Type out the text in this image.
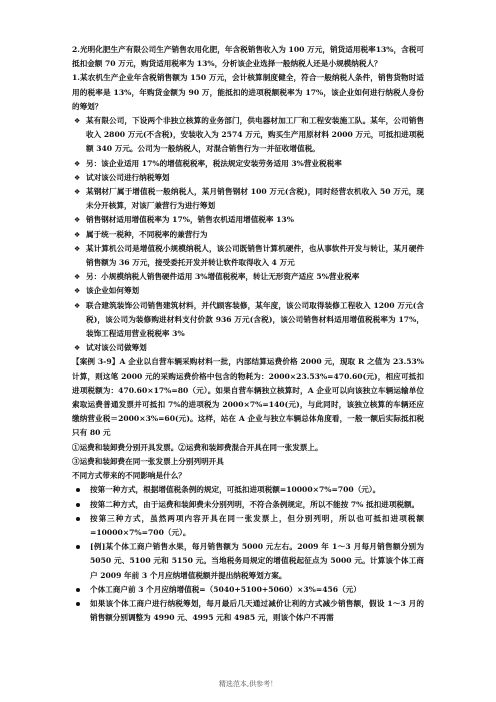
2.光明化肥生产有限公司生产销售农用化肥，年含税销售收入为 100 万元，销货适用税率13%，含税可抵扣金额 70 万元，购货适用税率为 13%，分析该企业选择一般纳税人还是小规模纳税人？

1.某农机生产企业年含税销售额为 150 万元，会计核算制度健全，符合一般纳税人条件，销售货物时适用的税率是 13%，年购货金额为 90 万，能抵扣的进项税额税率为 17%，该企业如何进行纳税人身份的筹划？

❖ 某有限公司，下设两个非独立核算的业务部门，供电器材加工厂和工程安装施工队。某年，公司销售收入 2800 万元(不含税)，安装收入为 2574 万元，购买生产用原材料 2000 万元，可抵扣进项税额 340 万元。公司为一般纳税人，对混合销售行为一并征收增值税。
❖ 另：该企业适用 17%的增值税税率，税法规定安装劳务适用 3%营业税税率
❖ 试对该公司进行纳税筹划
❖ 某钢材厂属于增值税一般纳税人，某月销售钢材 100 万元(含税)，同时经营农机收入 50 万元，现未分开核算，对该厂兼营行为进行筹划
❖ 销售钢材适用增值税率为 17%，销售农机适用增值税率 13%
❖ 属于统一税种，不同税率的兼营行为
❖ 某计算机公司是增值税小规模纳税人，该公司既销售计算机硬件，也从事软件开发与转让，某月硬件销售额为 36 万元，接受委托开发并转让软件取得收入 4 万元
❖ 另：小规模纳税人销售硬件适用 3%增值税税率，转让无形资产适应 5%营业税率
❖ 该企业如何筹划
❖ 联合建筑装饰公司销售建筑材料，并代顾客装修，某年度，该公司取得装修工程收入 1200 万元(含税)，该公司为装修购进材料支付价款 936 万元(含税)，该公司销售材料适用增值税税率为 17%，装饰工程适用营业税税率 3%
❖ 试对该公司做筹划

【案例 3-9】A 企业以自营车辆采购材料一批，内部结算运费价格 2000 元，现取 R 之值为 23.53%计算，则这笔 2000 元的采购运费价格中包含的物耗为：2000×23.53%=470.60(元)，相应可抵扣进项税额为：470.60×17%=80（元）。如果自营车辆独立核算时，A 企业可以向该独立车辆运输单位索取运费普通发票并可抵扣 7%的进项税为 2000×7%=140(元)，与此同时，该独立核算的车辆还应缴纳营业税＝2000×3%=60(元)。这样，站在 A 企业与独立车辆总体角度看，一般一额后实际抵扣税只有 80 元

①运费和装卸费分别开具发票。②运费和装卸费混合开具在同一张发票上。

③运费和装卸费在同一张发票上分别列明开具

不同方式带来的不同影响是什么？

按第一种方式，根据增值税条例的规定，可抵扣进项税额=10000×7%=700（元）。
按第二种方式，由于运费和装卸费未分别列明，不符合条例规定，所以不能按 7% 抵扣进项税额。
按第三种方式，虽然两项内容开具在同一张发票上，但分别列明，所以也可抵扣进项税额=10000×7%=700（元）。
[例]某个体工商户销售水果，每月销售额为 5000 元左右。2009 年 1～3 月每月销售额分别为 5050 元、5100 元和 5150 元。当地税务局规定的增值税起征点为 5000 元。计算该个体工商户 2009 年前 3 个月应纳增值税额并提出纳税筹划方案。
个体工商户前 3 个月应纳增值税=（5040+5100+5060）×3%=456（元）
如果该个体工商户进行纳税筹划，每月最后几天通过减价让利的方式减少销售额，假设 1～3 月的销售额分别调整为 4990 元、4995 元和 4985 元，则该个体户不再需
精选范本,供参考！
